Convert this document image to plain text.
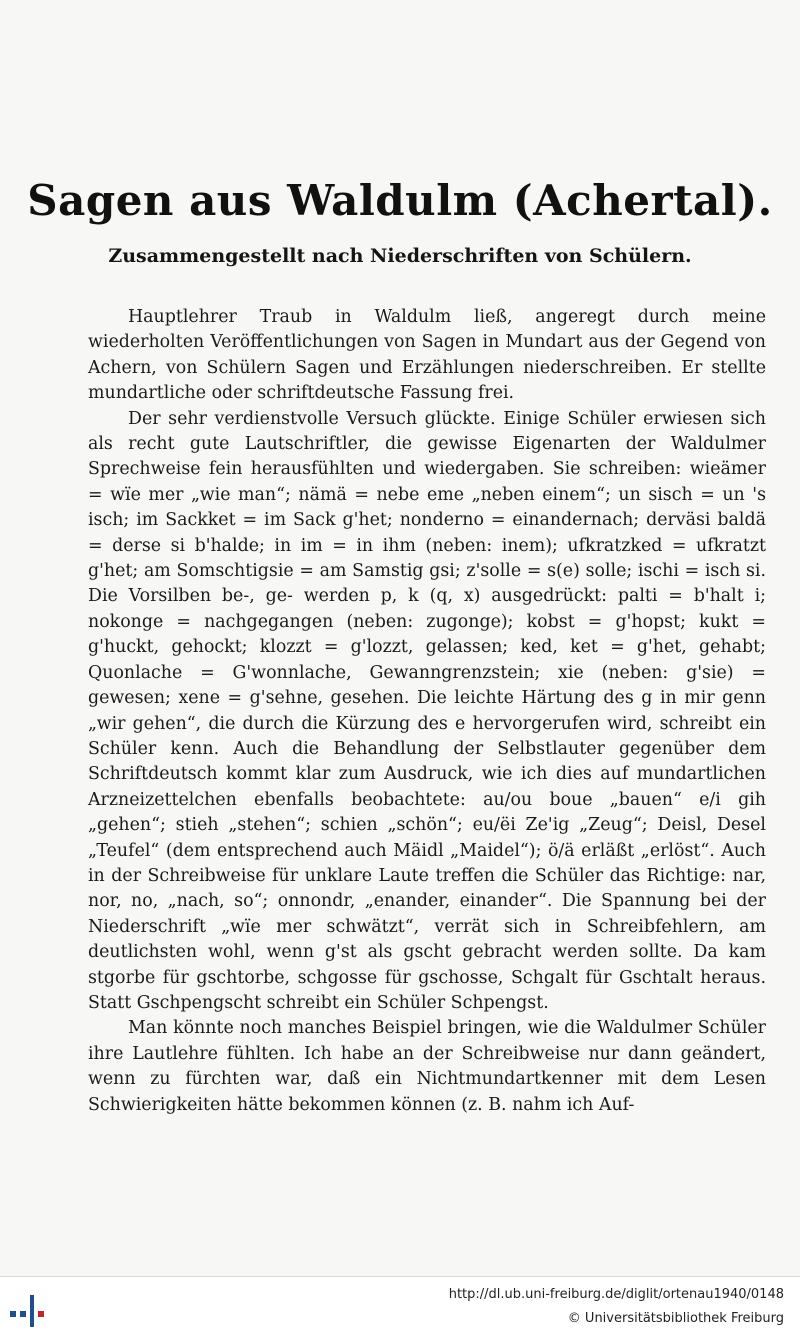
Sagen aus Waldulm (Achertal).
Zusammengestellt nach Niederschriften von Schülern.

Hauptlehrer Traub in Waldulm ließ, angeregt durch meine wiederholten Veröffentlichungen von Sagen in Mundart aus der Gegend von Achern, von Schülern Sagen und Erzählungen niederschreiben. Er stellte mundartliche oder schriftdeutsche Fassung frei.

Der sehr verdienstvolle Versuch glückte. Einige Schüler erwiesen sich als recht gute Lautschriftler, die gewisse Eigenarten der Waldulmer Sprechweise fein herausfühlten und wiedergaben. Sie schreiben: wieämer = wïe mer „wie man“; nämä = nebe eme „neben einem“; un sisch = un 's isch; im Sackket = im Sack g'het; nonderno = einandernach; derväsi baldä = derse si b'halde; in im = in ihm (neben: inem); ufkratzked = ufkratzt g'het; am Somschtigsie = am Samstig gsi; z'solle = s(e) solle; ischi = isch si. Die Vorsilben be-, ge- werden p, k (q, x) ausgedrückt: palti = b'halt i; nokonge = nachgegangen (neben: zugonge); kobst = g'hopst; kukt = g'huckt, gehockt; klozzt = g'lozzt, gelassen; ked, ket = g'het, gehabt; Quonlache = G'wonnlache, Gewanngrenzstein; xie (neben: g'sie) = gewesen; xene = g'sehne, gesehen. Die leichte Härtung des g in mir genn „wir gehen“, die durch die Kürzung des e hervorgerufen wird, schreibt ein Schüler kenn. Auch die Behandlung der Selbstlauter gegenüber dem Schriftdeutsch kommt klar zum Ausdruck, wie ich dies auf mundartlichen Arzneizettelchen ebenfalls beobachtete: au/ou boue „bauen“ e/i gih „gehen“; stieh „stehen“; schien „schön“; eu/ëi Ze'ig „Zeug“; Deisl, Desel „Teufel“ (dem entsprechend auch Mäidl „Maidel“); ö/ä erläßt „erlöst“. Auch in der Schreibweise für unklare Laute treffen die Schüler das Richtige: nar, nor, no, „nach, so“; onnondr, „enander, einander“. Die Spannung bei der Niederschrift „wïe mer schwätzt“, verrät sich in Schreibfehlern, am deutlichsten wohl, wenn g'st als gscht gebracht werden sollte. Da kam stgorbe für gschtorbe, schgosse für gschosse, Schgalt für Gschtalt heraus. Statt Gschpengscht schreibt ein Schüler Schpengst.

Man könnte noch manches Beispiel bringen, wie die Waldulmer Schüler ihre Lautlehre fühlten. Ich habe an der Schreibweise nur dann geändert, wenn zu fürchten war, daß ein Nichtmundartkenner mit dem Lesen Schwierigkeiten hätte bekommen können (z. B. nahm ich Auf-

http://dl.ub.uni-freiburg.de/diglit/ortenau1940/0148
© Universitätsbibliothek Freiburg
